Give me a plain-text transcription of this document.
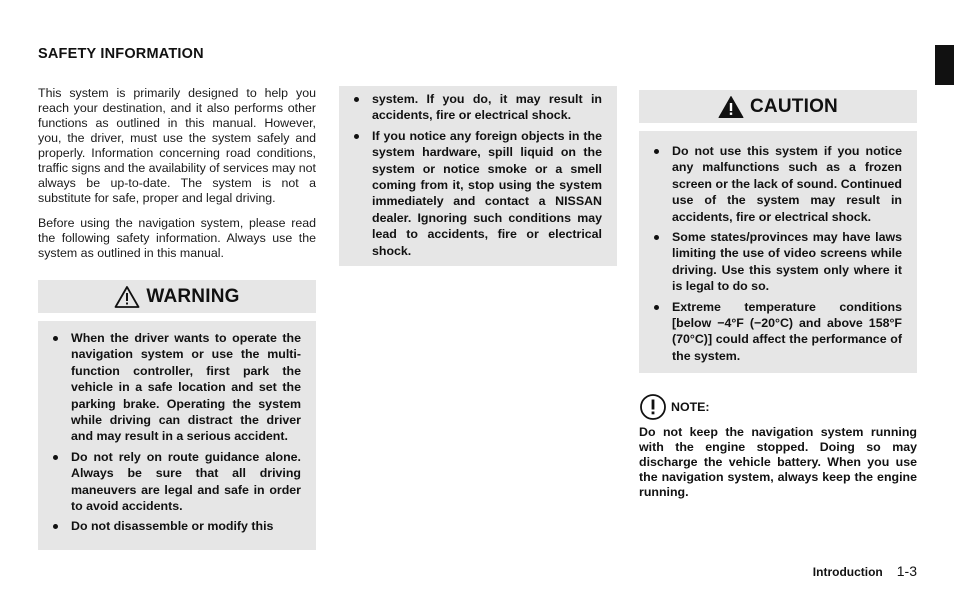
SAFETY INFORMATION

This system is primarily designed to help you reach your destination, and it also performs other functions as outlined in this manual. However, you, the driver, must use the system safely and properly. Information concerning road conditions, traffic signs and the availability of services may not always be up-to-date. The system is not a substitute for safe, proper and legal driving.

Before using the navigation system, please read the following safety information. Always use the system as outlined in this manual.

WARNING
When the driver wants to operate the navigation system or use the multi-function controller, first park the vehicle in a safe location and set the parking brake. Operating the system while driving can distract the driver and may result in a serious accident.
Do not rely on route guidance alone. Always be sure that all driving maneuvers are legal and safe in order to avoid accidents.
Do not disassemble or modify this
system. If you do, it may result in accidents, fire or electrical shock.
If you notice any foreign objects in the system hardware, spill liquid on the system or notice smoke or a smell coming from it, stop using the system immediately and contact a NISSAN dealer. Ignoring such conditions may lead to accidents, fire or electrical shock.
CAUTION
Do not use this system if you notice any malfunctions such as a frozen screen or the lack of sound. Continued use of the system may result in accidents, fire or electrical shock.
Some states/provinces may have laws limiting the use of video screens while driving. Use this system only where it is legal to do so.
Extreme temperature conditions [below −4°F (−20°C) and above 158°F (70°C)] could affect the performance of the system.
NOTE:
Do not keep the navigation system running with the engine stopped. Doing so may discharge the vehicle battery. When you use the navigation system, always keep the engine running.
Introduction 1-3
